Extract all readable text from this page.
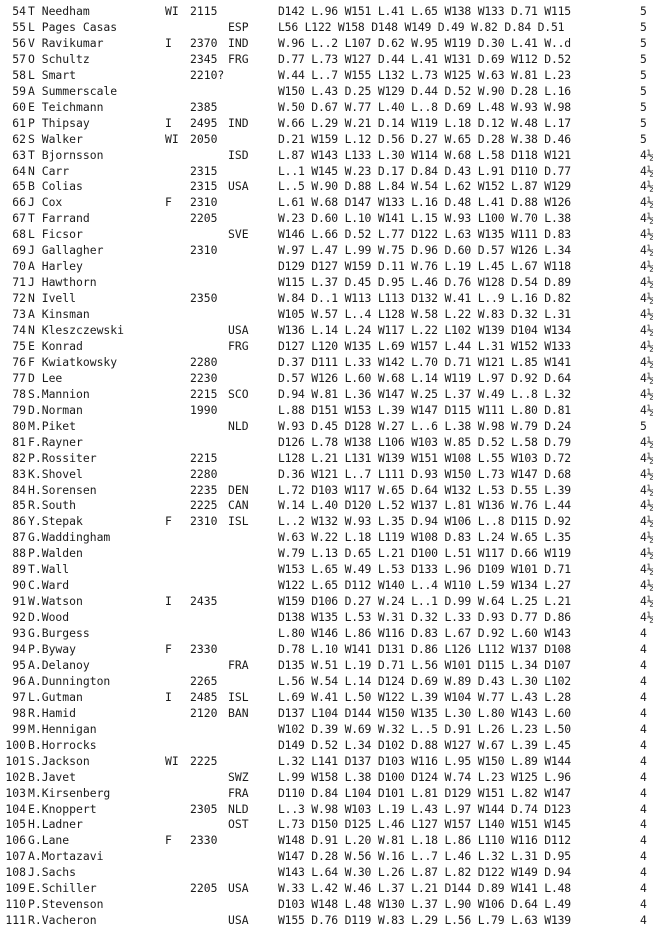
54 T Needham	WI 2115	D142 L.96 W151 L.41 L.65 W138 W133 D.71 W115	5
55 L Pages Casas	ESP	L56 L122 W158 D148 W149 D.49 W.82 D.84 D.51	5
56 V Ravikumar	I 2370 IND	W.96 L..2 L107 D.62 W.95 W119 D.30 L.41 W..d	5
57 O Schultz	2345 FRG	D.77 L.73 W127 D.44 L.41 W131 D.69 W112 D.52	5
58 L Smart	2210?	W.44 L..7 W155 L132 L.73 W125 W.63 W.81 L.23	5
59 A Summerscale	W150 L.43 D.25 W129 D.44 D.52 W.90 D.28 L.16	5
60 E Teichmann	2385	W.50 D.67 W.77 L.40 L..8 D.69 L.48 W.93 W.98	5
61 P Thipsay	I 2495 IND	W.66 L.29 W.21 D.14 W119 L.18 D.12 W.48 L.17	5
62 S Walker	WI 2050	D.21 W159 L.12 D.56 D.27 W.65 D.28 W.38 D.46	5
63 T Bjornsson	ISD	L.87 W143 L133 L.30 W114 W.68 L.58 D118 W121	4½
64 N Carr	2315	L..1 W145 W.23 D.17 D.84 D.43 L.91 D110 D.77	4½
65 B Colias	2315 USA	L..5 W.90 D.88 L.84 W.54 L.62 W152 L.87 W129	4½
66 J Cox	F 2310	L.61 W.68 D147 W133 L.16 D.48 L.41 D.88 W126	4½
67 T Farrand	2205	W.23 D.60 L.10 W141 L.15 W.93 L100 W.70 L.38	4½
68 L Ficsor	SVE	W146 L.66 D.52 L.77 D122 L.63 W135 W111 D.83	4½
69 J Gallagher	2310	W.97 L.47 L.99 W.75 D.96 D.60 D.57 W126 L.34	4½
70 A Harley	D129 D127 W159 D.11 W.76 L.19 L.45 L.67 W118	4½
71 J Hawthorn	W115 L.37 D.45 D.95 L.46 D.76 W128 D.54 D.89	4½
72 N Ivell	2350	W.84 D..1 W113 L113 D132 W.41 L..9 L.16 D.82	4½
73 A Kinsman	W105 W.57 L..4 L128 W.58 L.22 W.83 D.32 L.31	4½
74 N Kleszczewski	USA	W136 L.14 L.24 W117 L.22 L102 W139 D104 W134	4½
75 E Konrad	FRG	D127 L120 W135 L.69 W157 L.44 L.31 W152 W133	4½
76 F Kwiatkowsky	2280	D.37 D111 L.33 W142 L.70 D.71 W121 L.85 W141	4½
77 D Lee	2230	D.57 W126 L.60 W.68 L.14 W119 L.97 D.92 D.64	4½
78 S.Mannion	2215 SCO	D.94 W.81 L.36 W147 W.25 L.37 W.49 L..8 L.32	4½
79 D.Norman	1990	L.88 D151 W153 L.39 W147 D115 W111 L.80 D.81	4½
80 M.Piket	NLD	W.93 D.45 D128 W.27 L..6 L.38 W.98 W.79 D.24	5
81 F.Rayner	D126 L.78 W138 L106 W103 W.85 D.52 L.58 D.79	4½
82 P.Rossiter	2215	L128 L.21 L131 W139 W151 W108 L.55 W103 D.72	4½
83 K.Shovel	2280	D.36 W121 L..7 L111 D.93 W150 L.73 W147 D.68	4½
84 H.Sorensen	2235 DEN	L.72 D103 W117 W.65 D.64 W132 L.53 D.55 L.39	4½
85 R.South	2225 CAN	W.14 L.40 D120 L.52 W137 L.81 W136 W.76 L.44	4½
86 Y.Stepak	F 2310 ISL	L..2 W132 W.93 L.35 D.94 W106 L..8 D115 D.92	4½
87 G.Waddingham	W.63 W.22 L.18 L119 W108 D.83 L.24 W.65 L.35	4½
88 P.Walden	W.79 L.13 D.65 L.21 D100 L.51 W117 D.66 W119	4½
89 T.Wall	W153 L.65 W.49 L.53 D133 L.96 D109 W101 D.71	4½
90 C.Ward	W122 L.65 D112 W140 L..4 W110 L.59 W134 L.27	4½
91 W.Watson	I 2435	W159 D106 D.27 W.24 L..1 D.99 W.64 L.25 L.21	4½
92 D.Wood	D138 W135 L.53 W.31 D.32 L.33 D.93 D.77 D.86	4½
93 G.Burgess	L.80 W146 L.86 W116 D.83 L.67 D.92 L.60 W143	4
94 P.Byway	F 2330	D.78 L.10 W141 D131 D.86 L126 L112 W137 D108	4
95 A.Delanoy	FRA	D135 W.51 L.19 D.71 L.56 W101 D115 L.34 D107	4
96 A.Dunnington	2265	L.56 W.54 L.14 D124 D.69 W.89 D.43 L.30 L102	4
97 L.Gutman	I 2485 ISL	L.69 W.41 L.50 W122 L.39 W104 W.77 L.43 L.28	4
98 R.Hamid	2120 BAN	D137 L104 D144 W150 W135 L.30 L.80 W143 L.60	4
99 M.Hennigan	W102 D.39 W.69 W.32 L..5 D.91 L.26 L.23 L.50	4
100 B.Horrocks	D149 D.52 L.34 D102 D.88 W127 W.67 L.39 L.45	4
101 S.Jackson	WI 2225	L.32 L141 D137 D103 W116 L.95 W150 L.89 W144	4
102 B.Javet	SWZ	L.99 W158 L.38 D100 D124 W.74 L.23 W125 L.96	4
103 M.Kirsenberg	FRA	D110 D.84 L104 D101 L.81 D129 W151 L.82 W147	4
104 E.Knoppert	2305 NLD	L..3 W.98 W103 L.19 L.43 L.97 W144 D.74 D123	4
105 H.Ladner	OST	L.73 D150 D125 L.46 L127 W157 L140 W151 W145	4
106 G.Lane	F 2330	W148 D.91 L.20 W.81 L.18 L.86 L110 W116 D112	4
107 A.Mortazavi	W147 D.28 W.56 W.16 L..7 L.46 L.32 L.31 D.95	4
108 J.Sachs	W143 L.64 W.30 L.26 L.87 L.82 D122 W149 D.94	4
109 E.Schiller	2205 USA	W.33 L.42 W.46 L.37 L.21 D144 D.89 W141 L.48	4
110 P.Stevenson	D103 W148 L.48 W130 L.37 L.90 W106 D.64 L.49	4
111 R.Vacheron	USA	W155 D.76 D119 W.83 L.29 L.56 L.79 L.63 W139	4
